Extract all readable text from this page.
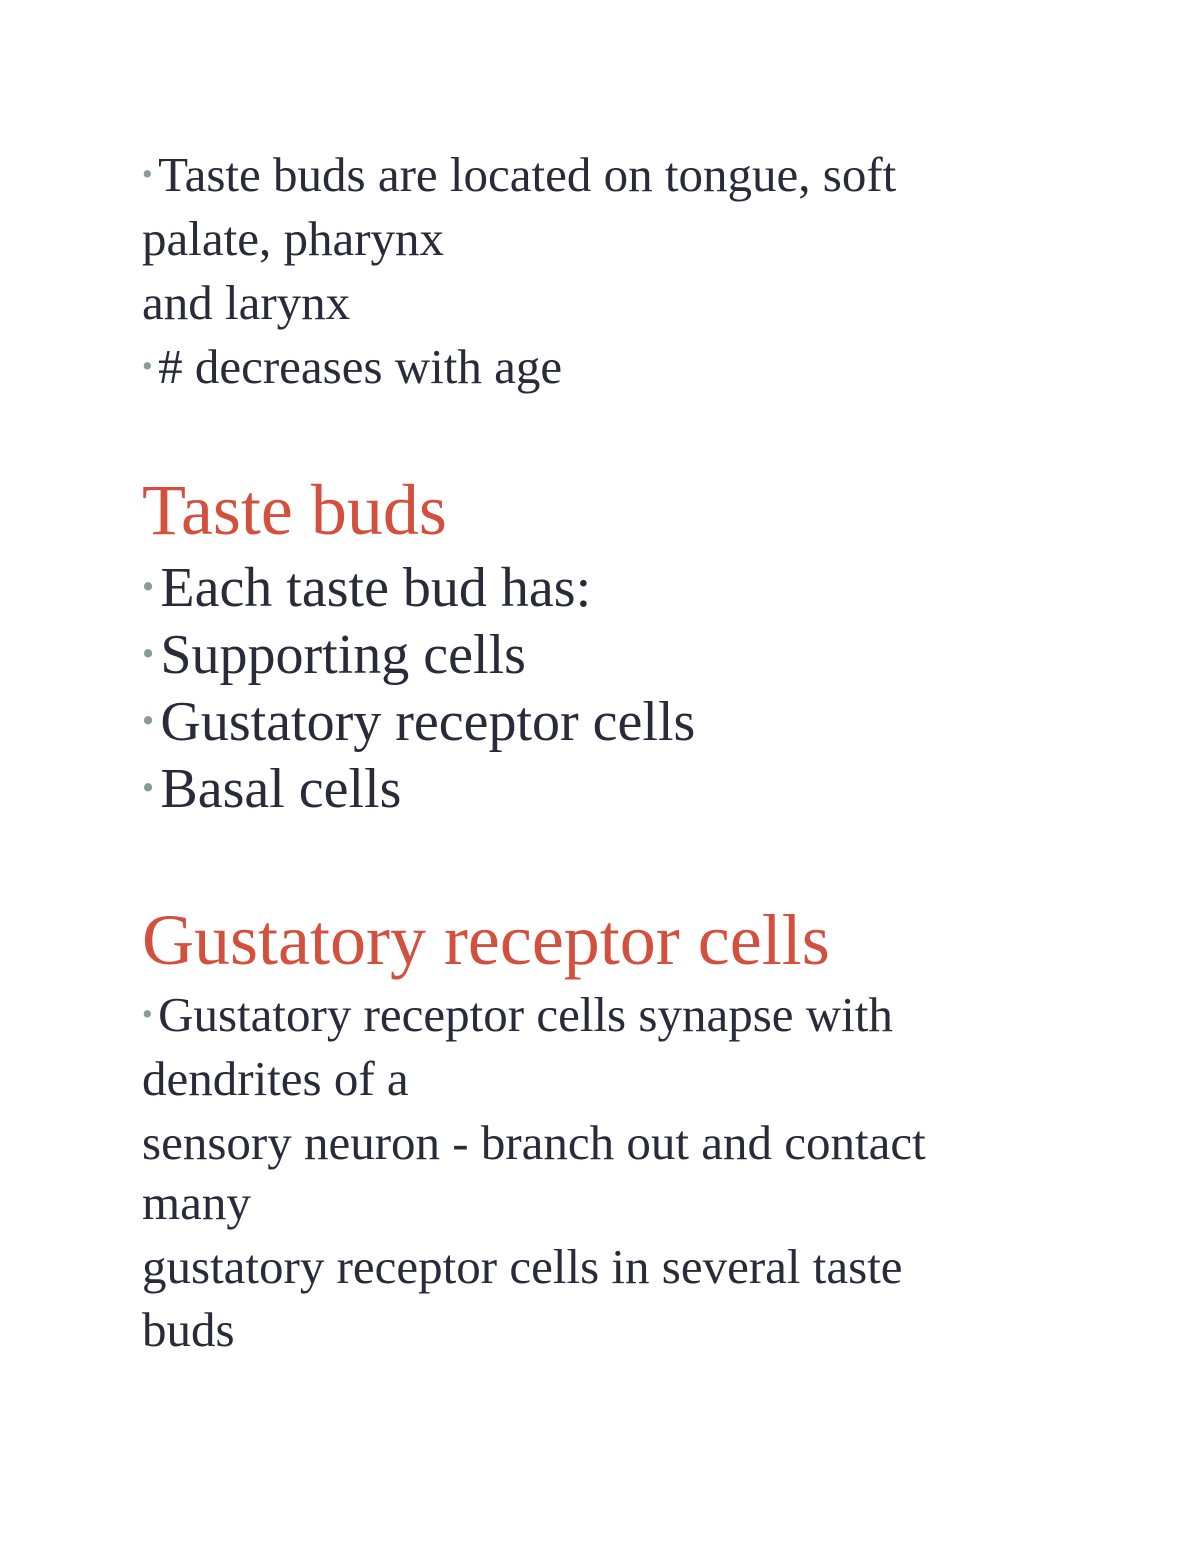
• Taste buds are located on tongue, soft
palate, pharynx
and larynx
• # decreases with age
Taste buds
• Each taste bud has:
• Supporting cells
• Gustatory receptor cells
• Basal cells
Gustatory receptor cells
• Gustatory receptor cells synapse with
dendrites of a
sensory neuron - branch out and contact
many
gustatory receptor cells in several taste
buds
